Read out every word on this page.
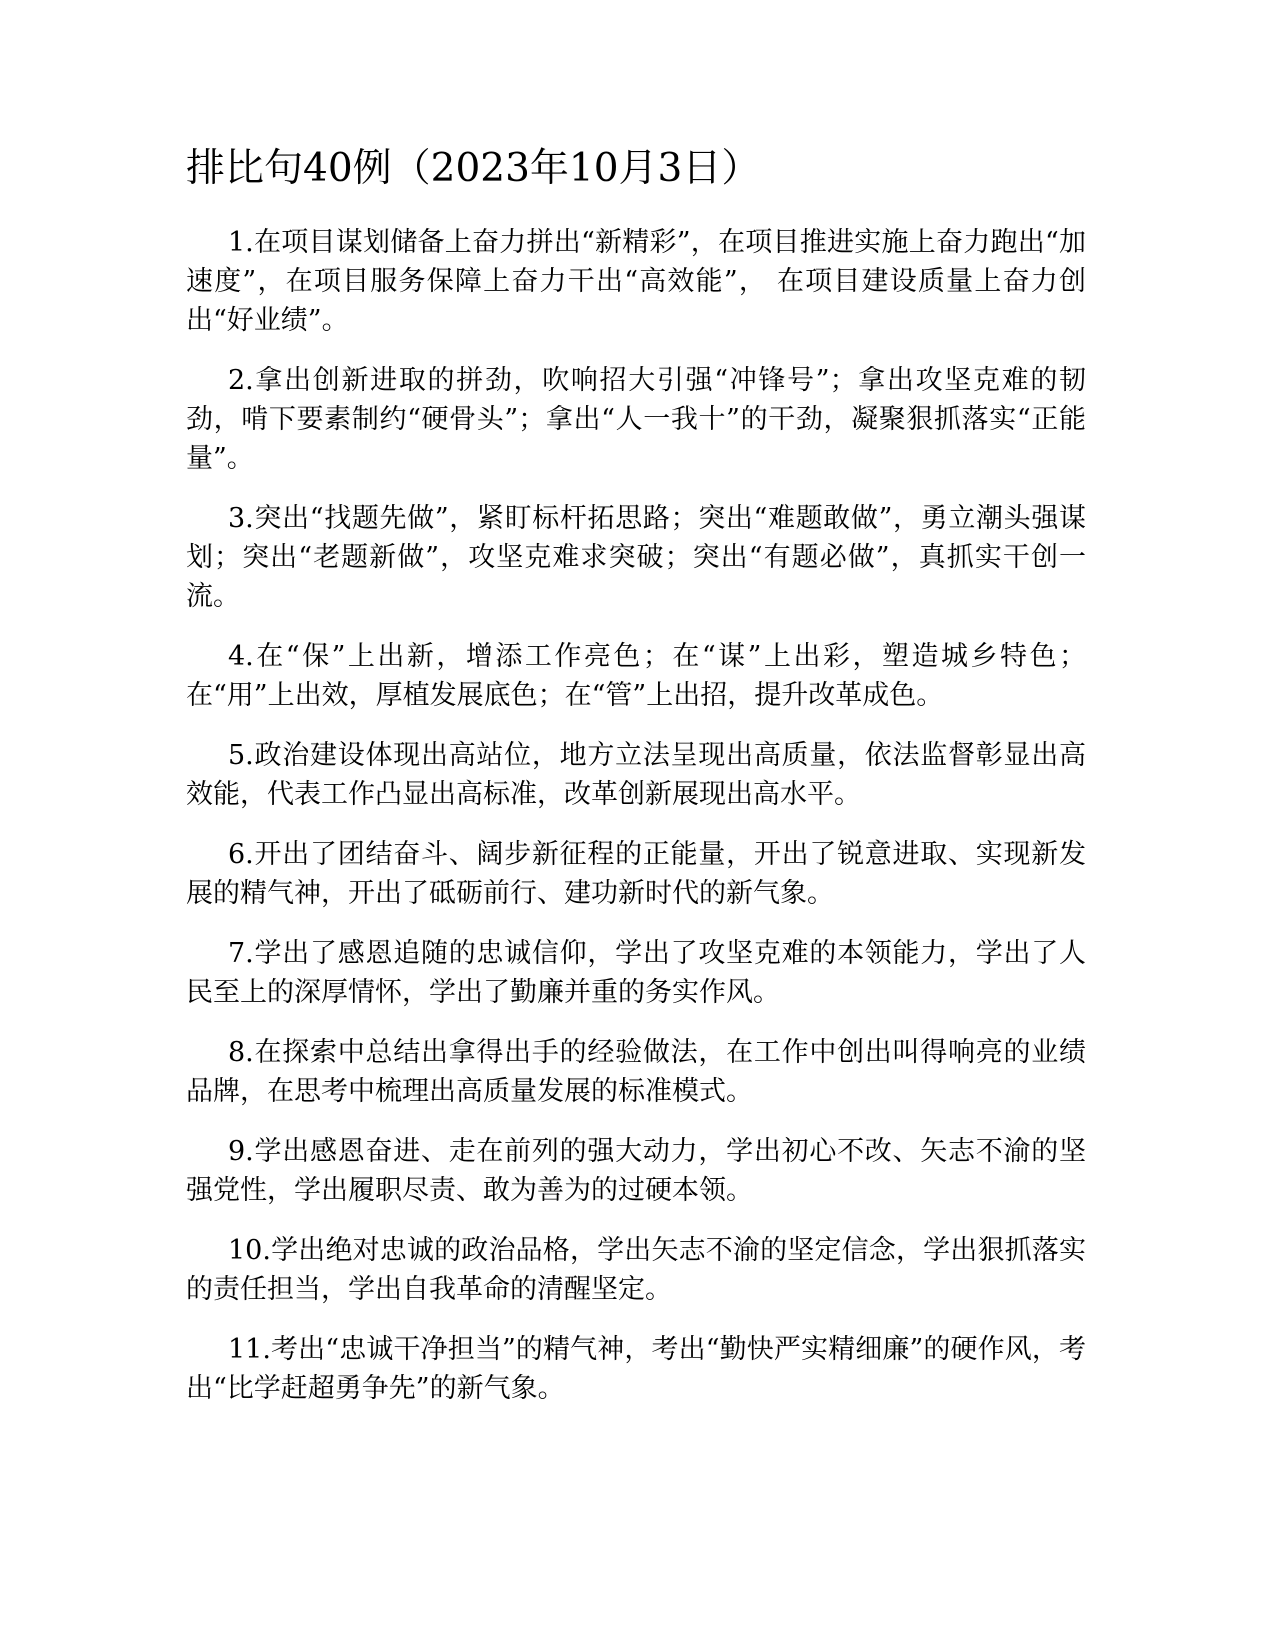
排比句40例（2023年10月3日）

1.在项目谋划储备上奋力拼出“新精彩”，在项目推进实施上奋力跑出“加速度”，在项目服务保障上奋力干出“高效能”， 在项目建设质量上奋力创出“好业绩”。

2.拿出创新进取的拼劲，吹响招大引强“冲锋号”；拿出攻坚克难的韧劲，啃下要素制约“硬骨头”；拿出“人一我十”的干劲，凝聚狠抓落实“正能量”。

3.突出“找题先做”，紧盯标杆拓思路；突出“难题敢做”，勇立潮头强谋划；突出“老题新做”，攻坚克难求突破；突出“有题必做”，真抓实干创一流。

4.在“保”上出新，增添工作亮色；在“谋”上出彩，塑造城乡特色；在“用”上出效，厚植发展底色；在“管”上出招，提升改革成色。

5.政治建设体现出高站位，地方立法呈现出高质量，依法监督彰显出高效能，代表工作凸显出高标准，改革创新展现出高水平。

6.开出了团结奋斗、阔步新征程的正能量，开出了锐意进取、实现新发展的精气神，开出了砥砺前行、建功新时代的新气象。

7.学出了感恩追随的忠诚信仰，学出了攻坚克难的本领能力，学出了人民至上的深厚情怀，学出了勤廉并重的务实作风。

8.在探索中总结出拿得出手的经验做法，在工作中创出叫得响亮的业绩品牌，在思考中梳理出高质量发展的标准模式。

9.学出感恩奋进、走在前列的强大动力，学出初心不改、矢志不渝的坚强党性，学出履职尽责、敢为善为的过硬本领。

10.学出绝对忠诚的政治品格，学出矢志不渝的坚定信念，学出狠抓落实的责任担当，学出自我革命的清醒坚定。

11.考出“忠诚干净担当”的精气神，考出“勤快严实精细廉”的硬作风，考出“比学赶超勇争先”的新气象。
